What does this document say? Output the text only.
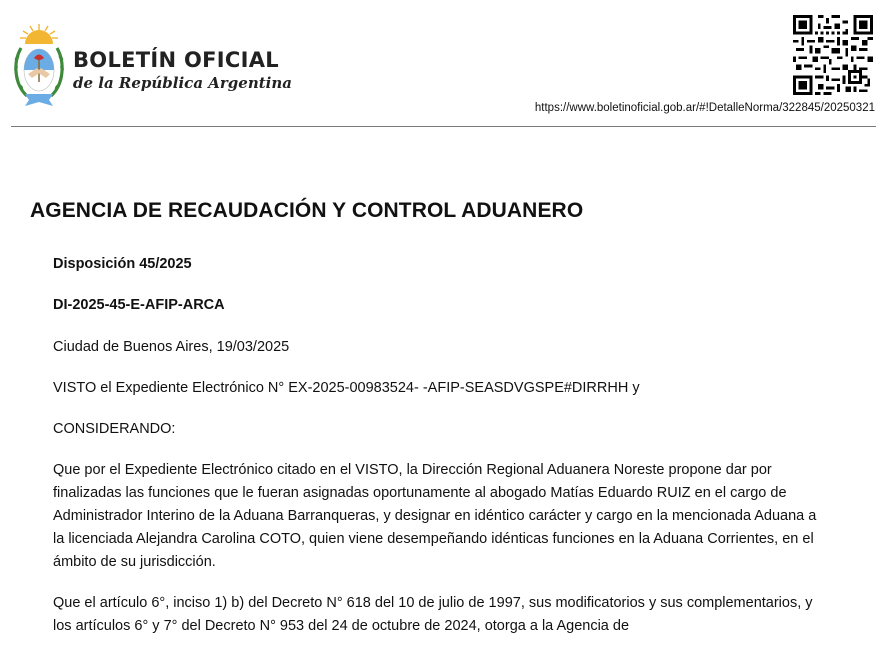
BOLETÍN OFICIAL
de la República Argentina
https://www.boletinoficial.gob.ar/#!DetalleNorma/322845/20250321
AGENCIA DE RECAUDACIÓN Y CONTROL ADUANERO

Disposición 45/2025

DI-2025-45-E-AFIP-ARCA

Ciudad de Buenos Aires, 19/03/2025

VISTO el Expediente Electrónico N° EX-2025-00983524- -AFIP-SEASDVGSPE#DIRRHH y

CONSIDERANDO:

Que por el Expediente Electrónico citado en el VISTO, la Dirección Regional Aduanera Noreste propone dar por finalizadas las funciones que le fueran asignadas oportunamente al abogado Matías Eduardo RUIZ en el cargo de Administrador Interino de la Aduana Barranqueras, y designar en idéntico carácter y cargo en la mencionada Aduana a la licenciada Alejandra Carolina COTO, quien viene desempeñando idénticas funciones en la Aduana Corrientes, en el ámbito de su jurisdicción.

Que el artículo 6°, inciso 1) b) del Decreto N° 618 del 10 de julio de 1997, sus modificatorios y sus complementarios, y los artículos 6° y 7° del Decreto N° 953 del 24 de octubre de 2024, otorga a la Agencia de
